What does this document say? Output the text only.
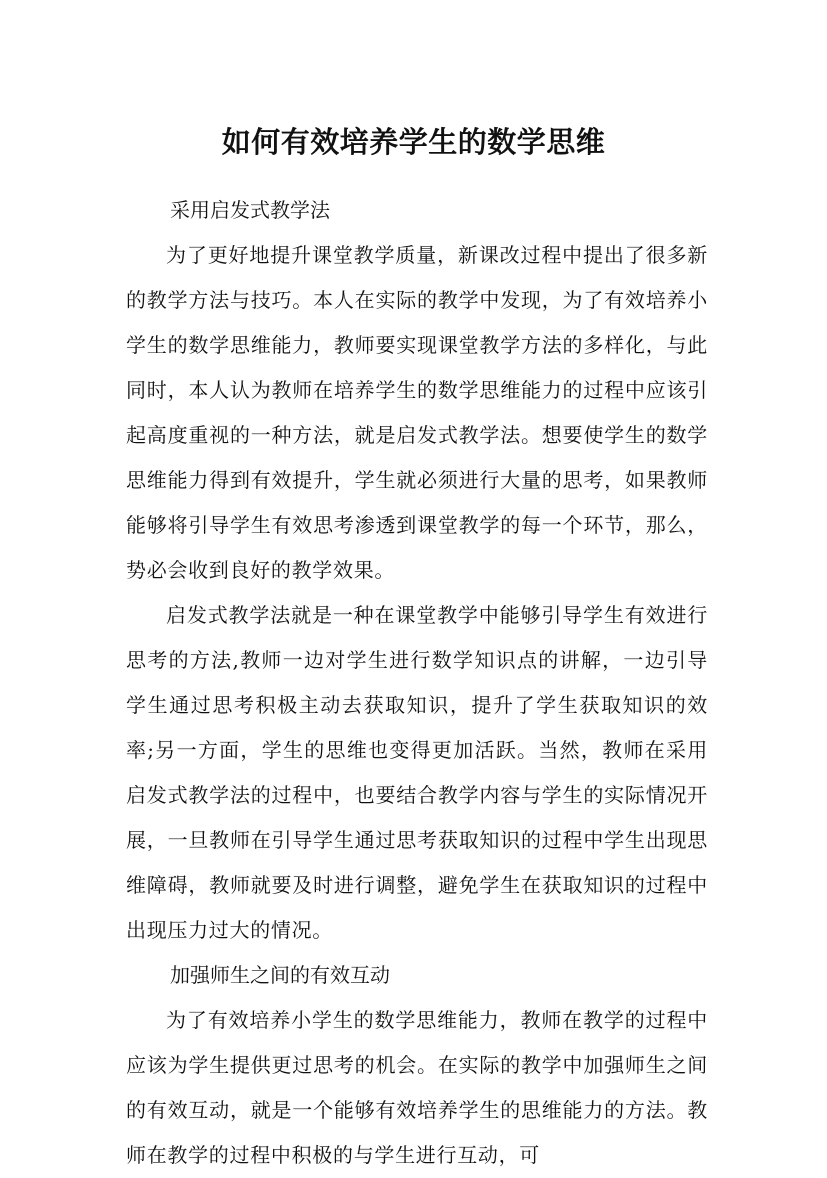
如何有效培养学生的数学思维
采用启发式教学法

为了更好地提升课堂教学质量，新课改过程中提出了很多新的教学方法与技巧。本人在实际的教学中发现，为了有效培养小学生的数学思维能力，教师要实现课堂教学方法的多样化，与此同时，本人认为教师在培养学生的数学思维能力的过程中应该引起高度重视的一种方法，就是启发式教学法。想要使学生的数学思维能力得到有效提升，学生就必须进行大量的思考，如果教师能够将引导学生有效思考渗透到课堂教学的每一个环节，那么，势必会收到良好的教学效果。

启发式教学法就是一种在课堂教学中能够引导学生有效进行思考的方法,教师一边对学生进行数学知识点的讲解，一边引导学生通过思考积极主动去获取知识，提升了学生获取知识的效率;另一方面，学生的思维也变得更加活跃。当然，教师在采用启发式教学法的过程中，也要结合教学内容与学生的实际情况开展，一旦教师在引导学生通过思考获取知识的过程中学生出现思维障碍，教师就要及时进行调整，避免学生在获取知识的过程中出现压力过大的情况。

加强师生之间的有效互动

为了有效培养小学生的数学思维能力，教师在教学的过程中应该为学生提供更过思考的机会。在实际的教学中加强师生之间的有效互动，就是一个能够有效培养学生的思维能力的方法。教师在教学的过程中积极的与学生进行互动，可
